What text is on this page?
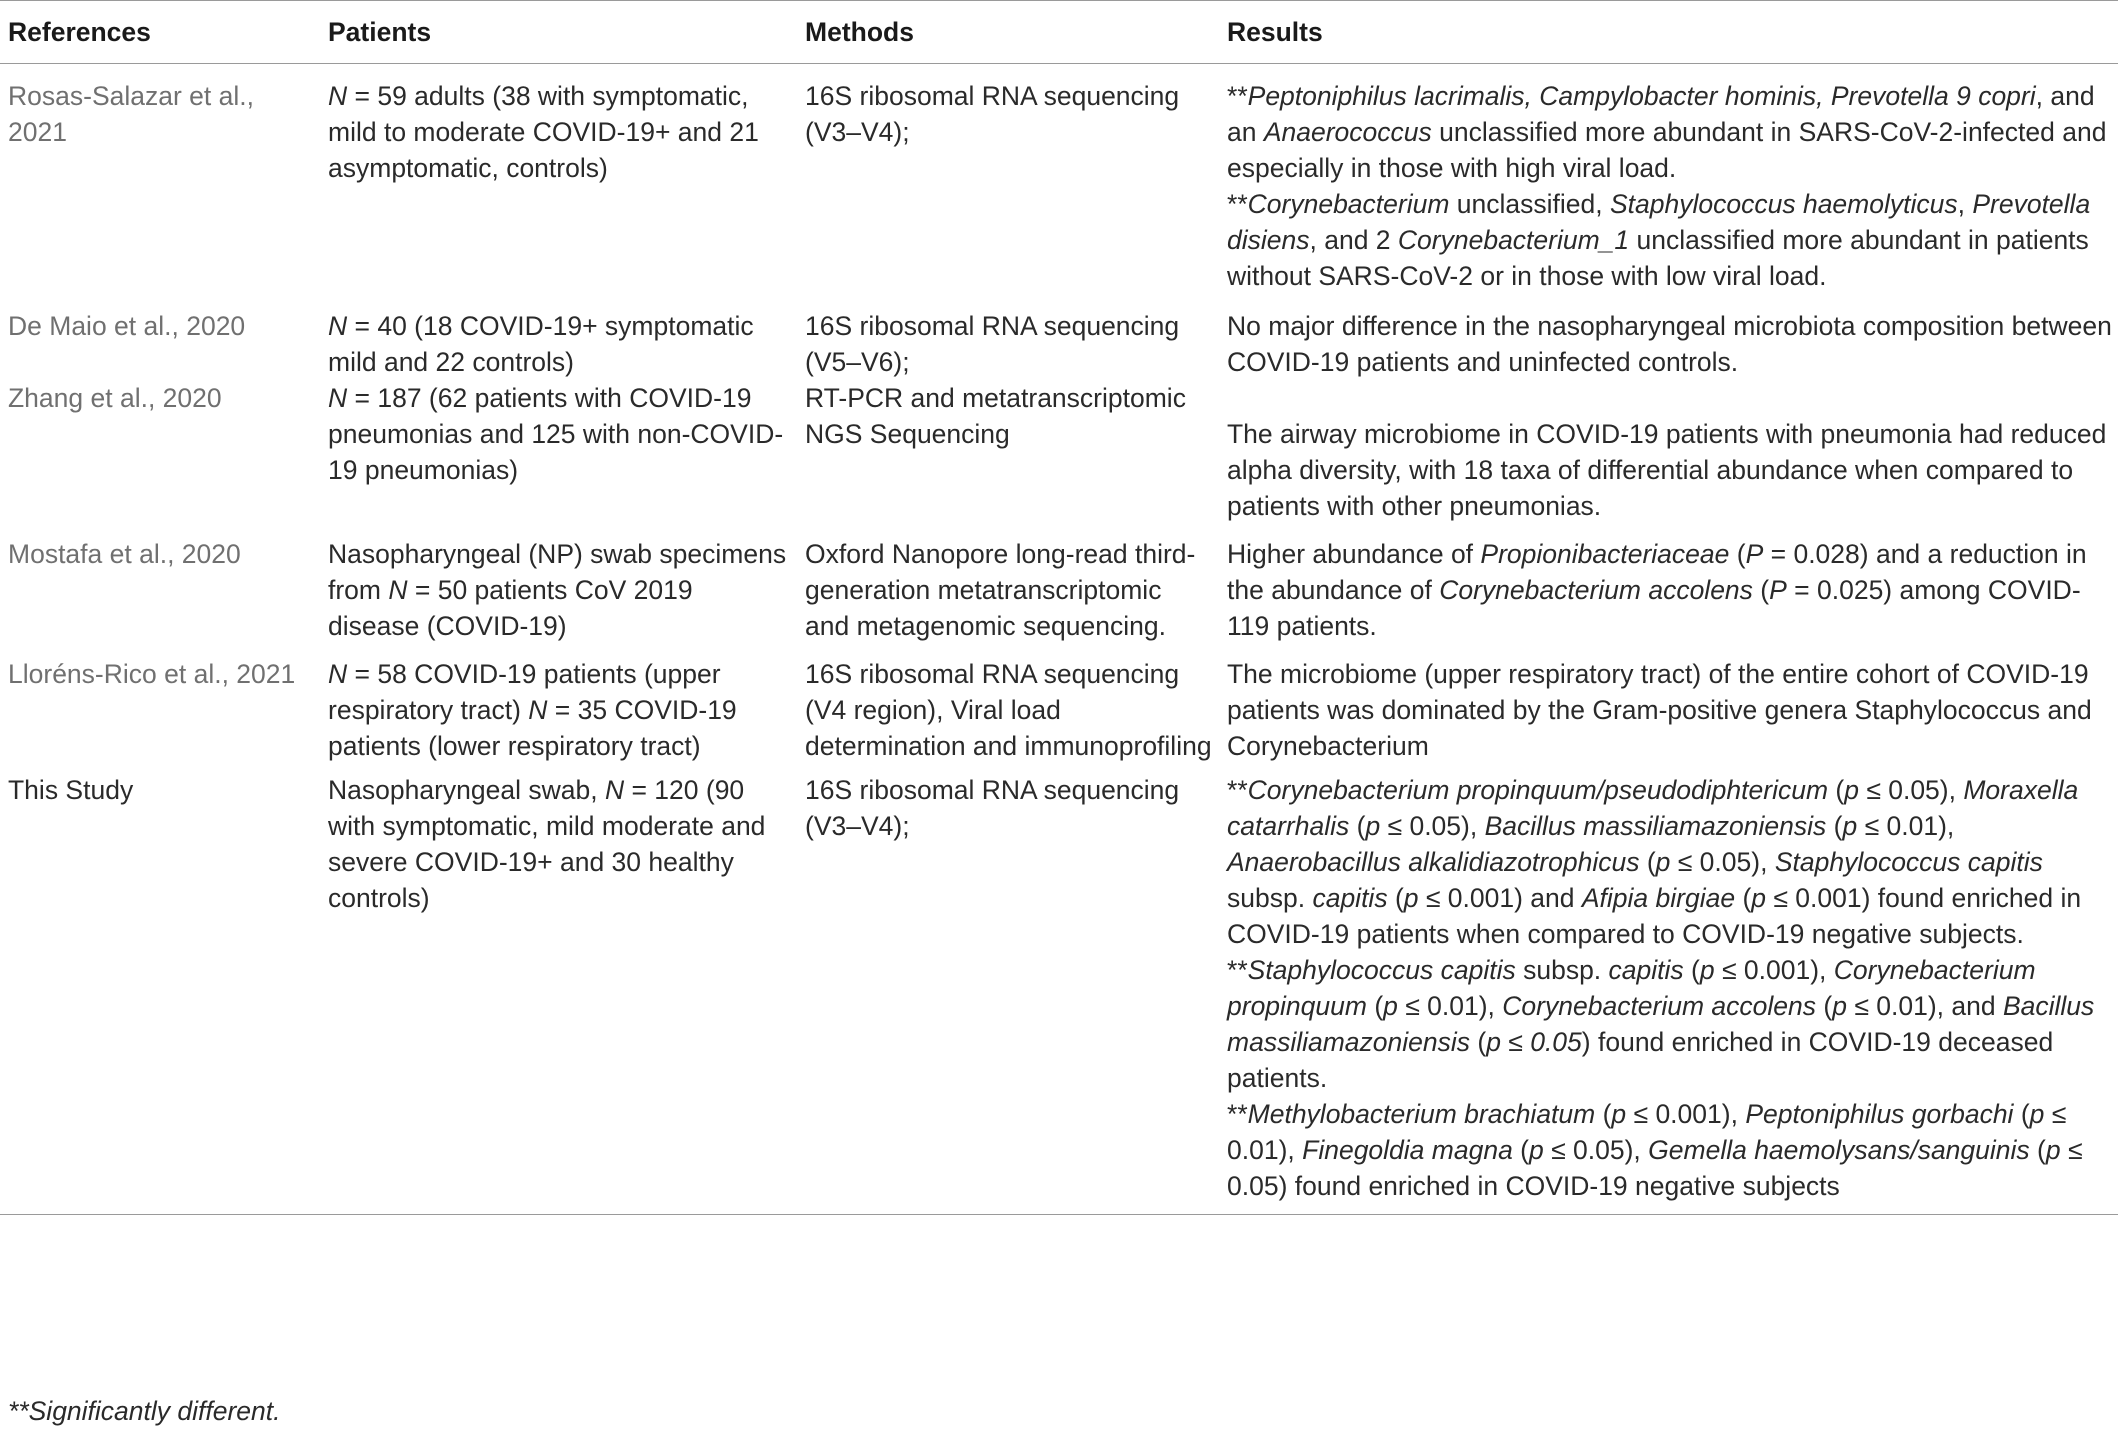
References	Patients	Methods	Results
Rosas-Salazar et al., 2021	N = 59 adults (38 with symptomatic, mild to moderate COVID-19+ and 21 asymptomatic, controls)	16S ribosomal RNA sequencing (V3–V4);	**Peptoniphilus lacrimalis, Campylobacter hominis, Prevotella 9 copri, and an Anaerococcus unclassified more abundant in SARS-CoV-2-infected and especially in those with high viral load.
**Corynebacterium unclassified, Staphylococcus haemolyticus, Prevotella disiens, and 2 Corynebacterium_1 unclassified more abundant in patients without SARS-CoV-2 or in those with low viral load.

De Maio et al., 2020	N = 40 (18 COVID-19+ symptomatic mild and 22 controls)	16S ribosomal RNA sequencing (V5–V6);	No major difference in the nasopharyngeal microbiota composition between COVID-19 patients and uninfected controls.

Zhang et al., 2020	N = 187 (62 patients with COVID-19 pneumonias and 125 with non-COVID-19 pneumonias)	RT-PCR and metatranscriptomic NGS Sequencing	The airway microbiome in COVID-19 patients with pneumonia had reduced alpha diversity, with 18 taxa of differential abundance when compared to patients with other pneumonias.

Mostafa et al., 2020	Nasopharyngeal (NP) swab specimens from N = 50 patients CoV 2019 disease (COVID-19)	Oxford Nanopore long-read third-generation metatranscriptomic and metagenomic sequencing.	Higher abundance of Propionibacteriaceae (P = 0.028) and a reduction in the abundance of Corynebacterium accolens (P = 0.025) among COVID-119 patients.

Lloréns-Rico et al., 2021	N = 58 COVID-19 patients (upper respiratory tract) N = 35 COVID-19 patients (lower respiratory tract)	16S ribosomal RNA sequencing (V4 region), Viral load determination and immunoprofiling	The microbiome (upper respiratory tract) of the entire cohort of COVID-19 patients was dominated by the Gram-positive genera Staphylococcus and Corynebacterium

This Study	Nasopharyngeal swab, N = 120 (90 with symptomatic, mild moderate and severe COVID-19+ and 30 healthy controls)	16S ribosomal RNA sequencing (V3–V4);	**Corynebacterium propinquum/pseudodiphtericum (p ≤ 0.05), Moraxella catarrhalis (p ≤ 0.05), Bacillus massiliamazoniensis (p ≤ 0.01), Anaerobacillus alkalidiazotrophicus (p ≤ 0.05), Staphylococcus capitis subsp. capitis (p ≤ 0.001) and Afipia birgiae (p ≤ 0.001) found enriched in COVID-19 patients when compared to COVID-19 negative subjects.
**Staphylococcus capitis subsp. capitis (p ≤ 0.001), Corynebacterium propinquum (p ≤ 0.01), Corynebacterium accolens (p ≤ 0.01), and Bacillus massiliamazoniensis (p ≤ 0.05) found enriched in COVID-19 deceased patients.
**Methylobacterium brachiatum (p ≤ 0.001), Peptoniphilus gorbachi (p ≤ 0.01), Finegoldia magna (p ≤ 0.05), Gemella haemolysans/sanguinis (p ≤ 0.05) found enriched in COVID-19 negative subjects
**Significantly different.
